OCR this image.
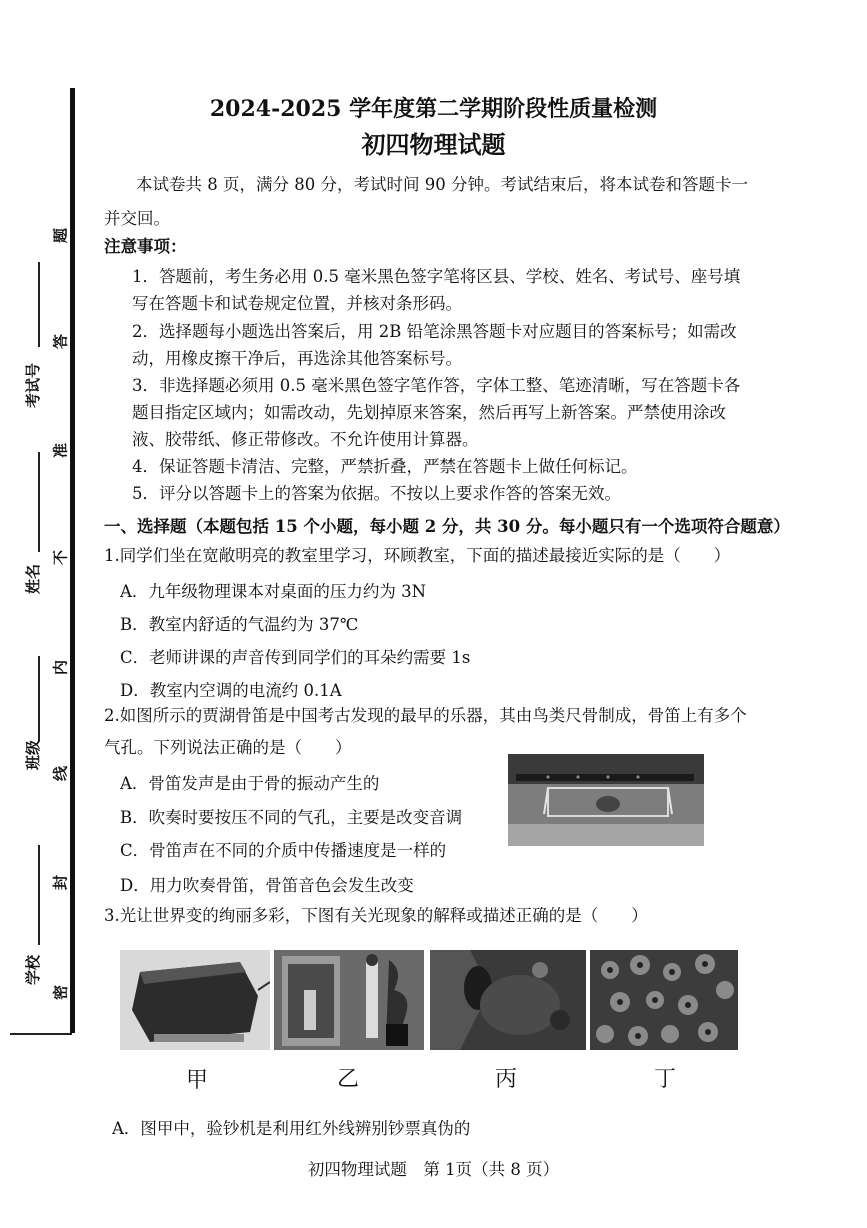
题
答
准
不
内
线
封
密
考试号
姓名
班级
学校
2024-2025 学年度第二学期阶段性质量检测
初四物理试题
本试卷共 8 页，满分 80 分，考试时间 90 分钟。考试结束后，将本试卷和答题卡一并交回。
注意事项：
1．答题前，考生务必用 0.5 毫米黑色签字笔将区县、学校、姓名、考试号、座号填写在答题卡和试卷规定位置，并核对条形码。
2．选择题每小题选出答案后，用 2B 铅笔涂黑答题卡对应题目的答案标号；如需改动，用橡皮擦干净后，再选涂其他答案标号。
3．非选择题必须用 0.5 毫米黑色签字笔作答，字体工整、笔迹清晰，写在答题卡各题目指定区域内；如需改动，先划掉原来答案，然后再写上新答案。严禁使用涂改液、胶带纸、修正带修改。不允许使用计算器。
4．保证答题卡清洁、完整，严禁折叠，严禁在答题卡上做任何标记。
5．评分以答题卡上的答案为依据。不按以上要求作答的答案无效。
一、选择题（本题包括 15 个小题，每小题 2 分，共 30 分。每小题只有一个选项符合题意）
1.同学们坐在宽敞明亮的教室里学习，环顾教室，下面的描述最接近实际的是（　　）
A．九年级物理课本对桌面的压力约为 3N
B．教室内舒适的气温约为 37℃
C．老师讲课的声音传到同学们的耳朵约需要 1s
D．教室内空调的电流约 0.1A
2.如图所示的贾湖骨笛是中国考古发现的最早的乐器，其由鸟类尺骨制成，骨笛上有多个气孔。下列说法正确的是（　　）
A．骨笛发声是由于骨的振动产生的
B．吹奏时要按压不同的气孔，主要是改变音调
C．骨笛声在不同的介质中传播速度是一样的
D．用力吹奏骨笛，骨笛音色会发生改变
3.光让世界变的绚丽多彩，下图有关光现象的解释或描述正确的是（　　）
甲	乙	丙	丁
A．图甲中，验钞机是利用红外线辨别钞票真伪的
初四物理试题　第 1页（共 8 页）
